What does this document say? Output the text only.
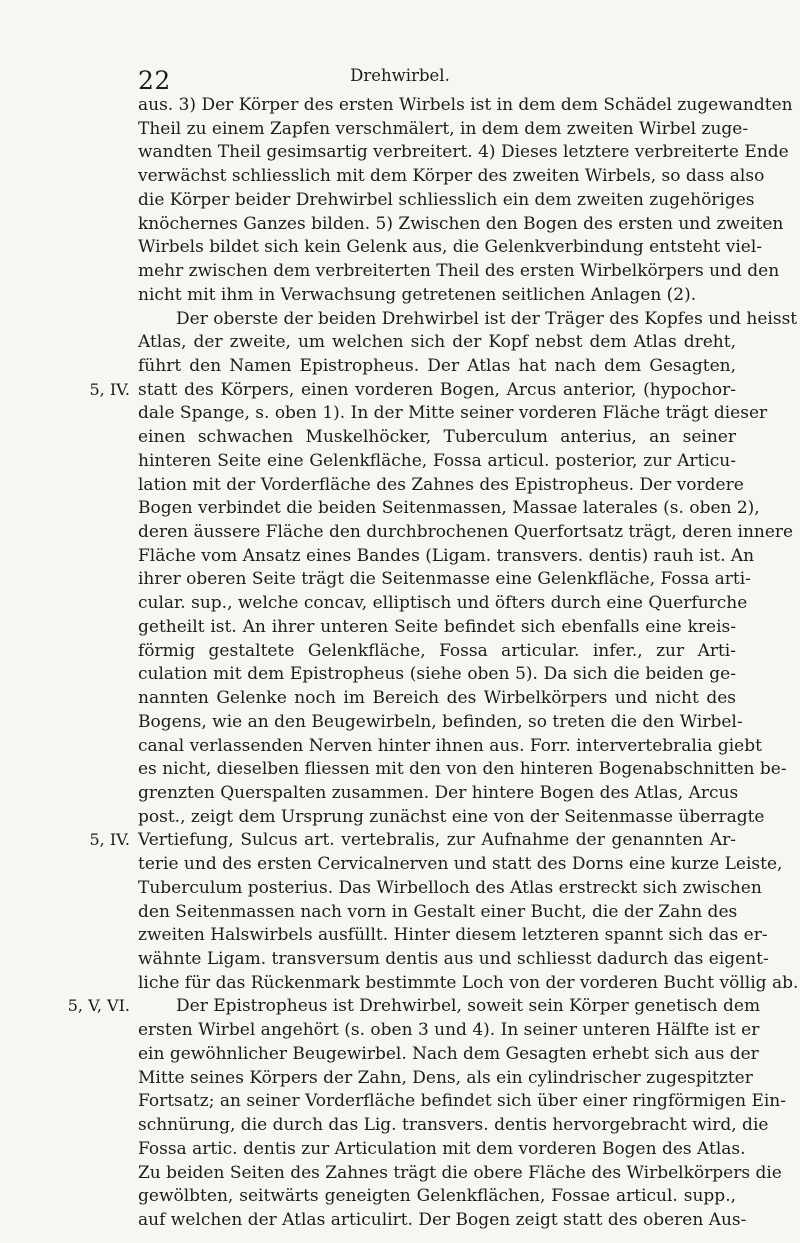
22	Drehwirbel.
aus. 3) Der Körper des ersten Wirbels ist in dem dem Schädel zugewandten
Theil zu einem Zapfen verschmälert, in dem dem zweiten Wirbel zuge-
wandten Theil gesimsartig verbreitert. 4) Dieses letztere verbreiterte Ende
verwächst schliesslich mit dem Körper des zweiten Wirbels, so dass also
die Körper beider Drehwirbel schliesslich ein dem zweiten zugehöriges
knöchernes Ganzes bilden. 5) Zwischen den Bogen des ersten und zweiten
Wirbels bildet sich kein Gelenk aus, die Gelenkverbindung entsteht viel-
mehr zwischen dem verbreiterten Theil des ersten Wirbelkörpers und den
nicht mit ihm in Verwachsung getretenen seitlichen Anlagen (2).
Der oberste der beiden Drehwirbel ist der Träger des Kopfes und heisst
Atlas, der zweite, um welchen sich der Kopf nebst dem Atlas dreht,
führt den Namen Epistropheus. Der Atlas hat nach dem Gesagten,
statt des Körpers, einen vorderen Bogen, Arcus anterior, (hypochor-
dale Spange, s. oben 1). In der Mitte seiner vorderen Fläche trägt dieser
einen schwachen Muskelhöcker, Tuberculum anterius, an seiner
hinteren Seite eine Gelenkfläche, Fossa articul. posterior, zur Articu-
lation mit der Vorderfläche des Zahnes des Epistropheus. Der vordere
Bogen verbindet die beiden Seitenmassen, Massae laterales (s. oben 2),
deren äussere Fläche den durchbrochenen Querfortsatz trägt, deren innere
Fläche vom Ansatz eines Bandes (Ligam. transvers. dentis) rauh ist. An
ihrer oberen Seite trägt die Seitenmasse eine Gelenkfläche, Fossa arti-
cular. sup., welche concav, elliptisch und öfters durch eine Querfurche
getheilt ist. An ihrer unteren Seite befindet sich ebenfalls eine kreis-
förmig gestaltete Gelenkfläche, Fossa articular. infer., zur Arti-
culation mit dem Epistropheus (siehe oben 5). Da sich die beiden ge-
nannten Gelenke noch im Bereich des Wirbelkörpers und nicht des
Bogens, wie an den Beugewirbeln, befinden, so treten die den Wirbel-
canal verlassenden Nerven hinter ihnen aus. Forr. intervertebralia giebt
es nicht, dieselben fliessen mit den von den hinteren Bogenabschnitten be-
grenzten Querspalten zusammen. Der hintere Bogen des Atlas, Arcus
post., zeigt dem Ursprung zunächst eine von der Seitenmasse überragte
Vertiefung, Sulcus art. vertebralis, zur Aufnahme der genannten Ar-
terie und des ersten Cervicalnerven und statt des Dorns eine kurze Leiste,
Tuberculum posterius. Das Wirbelloch des Atlas erstreckt sich zwischen
den Seitenmassen nach vorn in Gestalt einer Bucht, die der Zahn des
zweiten Halswirbels ausfüllt. Hinter diesem letzteren spannt sich das er-
wähnte Ligam. transversum dentis aus und schliesst dadurch das eigent-
liche für das Rückenmark bestimmte Loch von der vorderen Bucht völlig ab.
Der Epistropheus ist Drehwirbel, soweit sein Körper genetisch dem
ersten Wirbel angehört (s. oben 3 und 4). In seiner unteren Hälfte ist er
ein gewöhnlicher Beugewirbel. Nach dem Gesagten erhebt sich aus der
Mitte seines Körpers der Zahn, Dens, als ein cylindrischer zugespitzter
Fortsatz; an seiner Vorderfläche befindet sich über einer ringförmigen Ein-
schnürung, die durch das Lig. transvers. dentis hervorgebracht wird, die
Fossa artic. dentis zur Articulation mit dem vorderen Bogen des Atlas.
Zu beiden Seiten des Zahnes trägt die obere Fläche des Wirbelkörpers die
gewölbten, seitwärts geneigten Gelenkflächen, Fossae articul. supp.,
auf welchen der Atlas articulirt. Der Bogen zeigt statt des oberen Aus-
5, IV.
5, IV.
5, V, VI.
